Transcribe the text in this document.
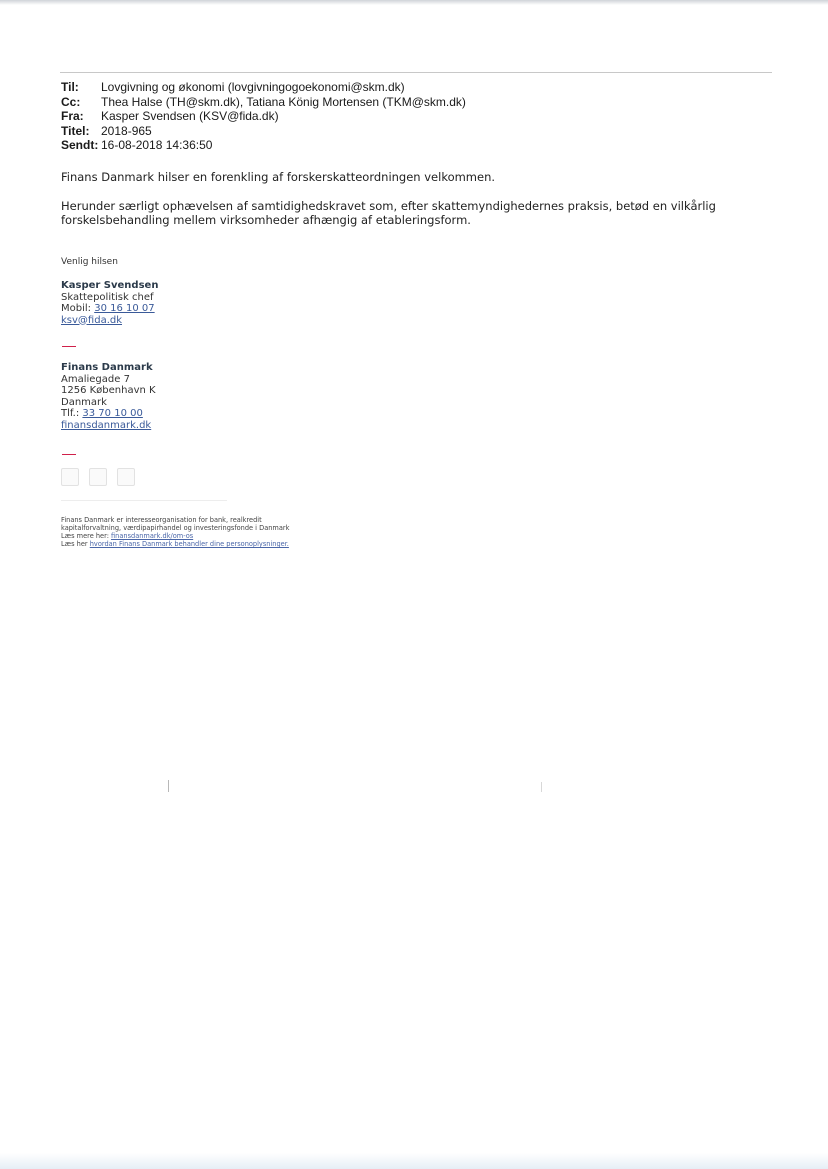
Til:	Lovgivning og økonomi (lovgivningogoekonomi@skm.dk)
Cc:	Thea Halse (TH@skm.dk), Tatiana König Mortensen (TKM@skm.dk)
Fra:	Kasper Svendsen (KSV@fida.dk)
Titel: 2018-965
Sendt: 16-08-2018 14:36:50
Finans Danmark hilser en forenkling af forskerskatteordningen velkommen.
Herunder særligt ophævelsen af samtidighedskravet som, efter skattemyndighedernes praksis, betød en vilkårlig forskelsbehandling mellem virksomheder afhængig af etableringsform.
Venlig hilsen
Kasper Svendsen
Skattepolitisk chef
Mobil: 30 16 10 07
ksv@fida.dk
Finans Danmark
Amaliegade 7
1256 København K
Danmark
Tlf.: 33 70 10 00
finansdanmark.dk
Finans Danmark er interesseorganisation for bank, realkredit
kapitalforvaltning, værdipapirhandel og investeringsfonde i Danmark
Læs mere her: finansdanmark.dk/om-os
Læs her hvordan Finans Danmark behandler dine personoplysninger.
